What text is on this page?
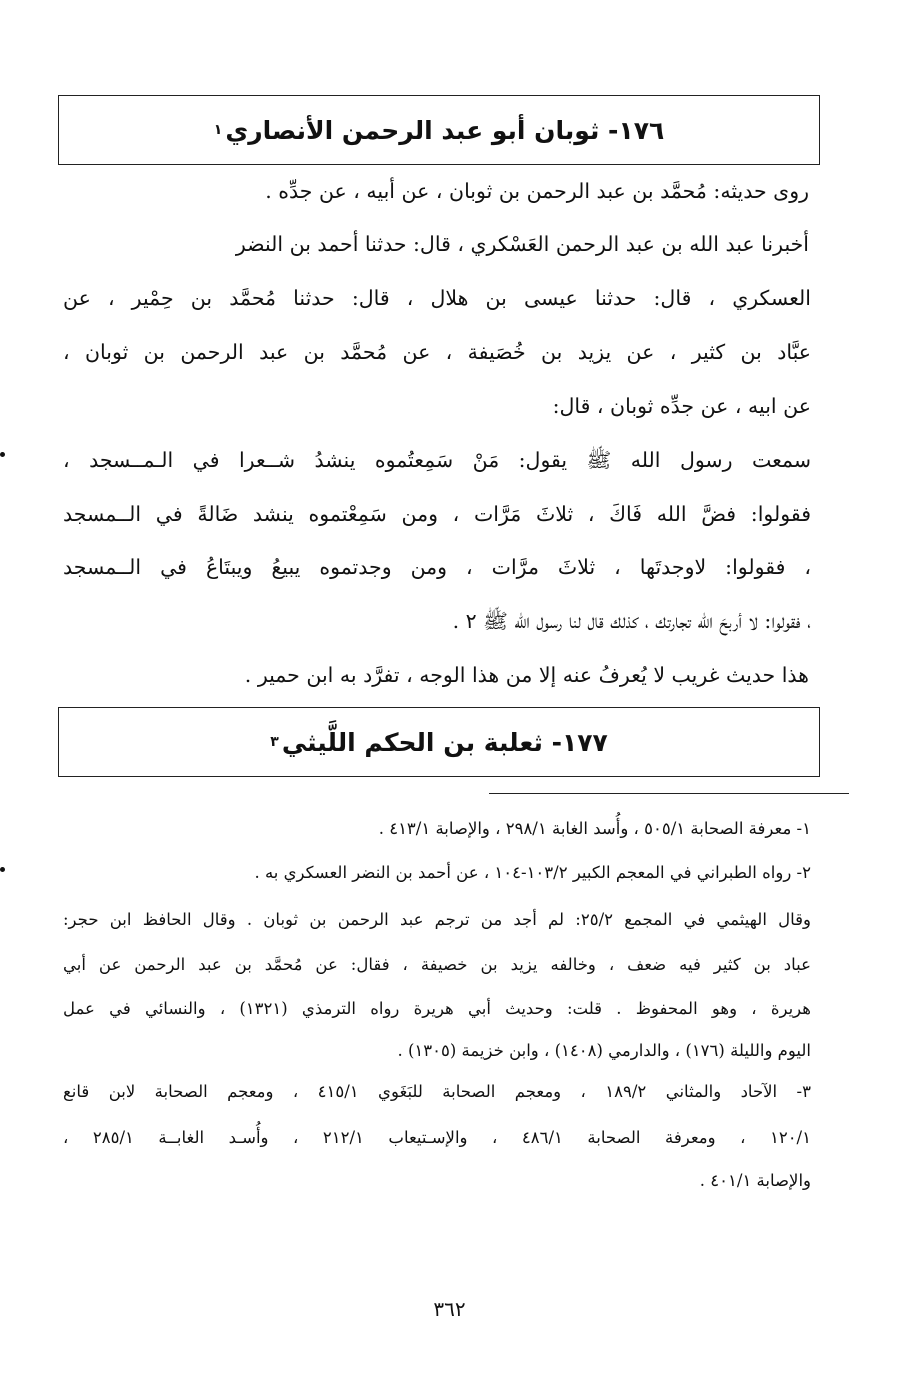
١٧٦- ثوبان أبو عبد الرحمن الأنصاري
١
روى حديثه: مُحمَّد بن عبد الرحمن بن ثوبان ، عن أبيه ، عن جدِّه .
أخبرنا عبد الله بن عبد الرحمن العَسْكري ، قال: حدثنا أحمد بن النضر
العسكري ، قال: حدثنا عيسى بن هلال ، قال: حدثنا مُحمَّد بن حِمْير ، عن
عبَّاد بن كثير ، عن يزيد بن خُصَيفة ، عن مُحمَّد بن عبد الرحمن بن ثوبان ،
عن ابيه ، عن جدِّه ثوبان ، قال:
سمعت رسول الله ﷺ يقول: مَنْ سَمِعتُموه ينشدُ شــعرا في الـمــسجد ،
فقولوا: فضَّ الله فَاكَ ، ثلاثَ مَرَّات ، ومن سَمِعْتموه ينشد ضَالةً في الــمسجد
، فقولوا: لاوجدتَها ، ثلاثَ مرَّات ، ومن وجدتموه يبيعُ ويبتَاعُ في الــمسجد
، فقولوا: لا أربحَ الله تجارتك ، كذلك قال لنا رسول الله ﷺ ٢ .
هذا حديث غريب لا يُعرفُ عنه إلا من هذا الوجه ، تفرَّد به ابن حمير .
١٧٧- ثعلبة بن الحكم اللَّيثي
٣
١- معرفة الصحابة ٥٠٥/١ ، وأُسد الغابة ٢٩٨/١ ، والإصابة ٤١٣/١ .
٢- رواه الطبراني في المعجم الكبير ١٠٣/٢-١٠٤ ، عن أحمد بن النضر العسكري به .
وقال الهيثمي في المجمع ٢٥/٢: لم أجد من ترجم عبد الرحمن بن ثوبان . وقال الحافظ ابن حجر:
عباد بن كثير فيه ضعف ، وخالفه يزيد بن خصيفة ، فقال: عن مُحمَّد بن عبد الرحمن عن أبي
هريرة ، وهو المحفوظ . قلت: وحديث أبي هريرة رواه الترمذي (١٣٢١) ، والنسائي في عمل
اليوم والليلة (١٧٦) ، والدارمي (١٤٠٨) ، وابن خزيمة (١٣٠٥) .
٣- الآحاد والمثاني ١٨٩/٢ ، ومعجم الصحابة للبَغَوي ٤١٥/١ ، ومعجم الصحابة لابن قانع
١٢٠/١ ، ومعرفة الصحابة ٤٨٦/١ ، والإسـتيعاب ٢١٢/١ ، وأُسـد الغابــة ٢٨٥/١ ،
والإصابة ٤٠١/١ .
٣٦٢
